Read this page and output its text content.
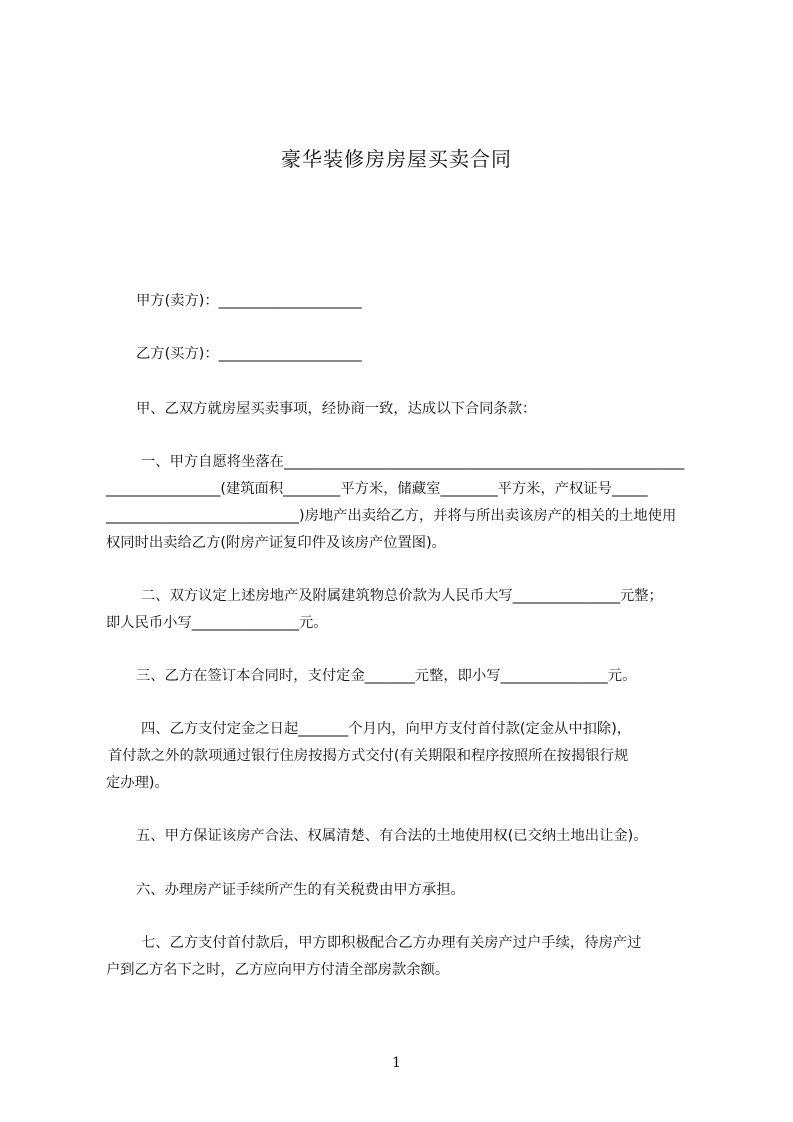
豪华装修房房屋买卖合同
甲方(卖方)：____________________
乙方(买方)：____________________
甲、乙双方就房屋买卖事项，经协商一致，达成以下合同条款：
一、甲方自愿将坐落在________________________________________________________
________________(建筑面积________平方米，储藏室________平方米，产权证号_____
___________________________)房地产出卖给乙方，并将与所出卖该房产的相关的土地使用
权同时出卖给乙方(附房产证复印件及该房产位置图)。
二、双方议定上述房地产及附属建筑物总价款为人民币大写_______________元整；
即人民币小写_______________元。
三、乙方在签订本合同时，支付定金_______元整，即小写_______________元。
四、乙方支付定金之日起_______个月内，向甲方支付首付款(定金从中扣除)，
首付款之外的款项通过银行住房按揭方式交付(有关期限和程序按照所在按揭银行规
定办理)。
五、甲方保证该房产合法、权属清楚、有合法的土地使用权(已交纳土地出让金)。
六、办理房产证手续所产生的有关税费由甲方承担。
七、乙方支付首付款后，甲方即积极配合乙方办理有关房产过户手续，待房产过
户到乙方名下之时，乙方应向甲方付清全部房款余额。
1
